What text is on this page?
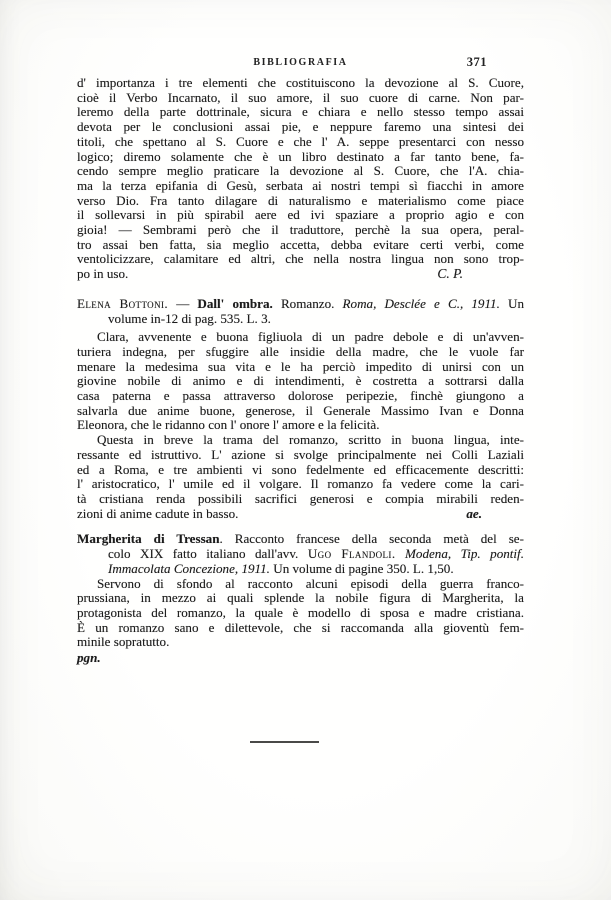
BIBLIOGRAFIA	371
d' importanza i tre elementi che costituiscono la devozione al S. Cuore,
cioè il Verbo Incarnato, il suo amore, il suo cuore di carne. Non par-
leremo della parte dottrinale, sicura e chiara e nello stesso tempo assai
devota per le conclusioni assai pie, e neppure faremo una sintesi dei
titoli, che spettano al S. Cuore e che l' A. seppe presentarci con nesso
logico; diremo solamente che è un libro destinato a far tanto bene, fa-
cendo sempre meglio praticare la devozione al S. Cuore, che l'A. chia-
ma la terza epifania di Gesù, serbata ai nostri tempi sì fiacchi in amore
verso Dio. Fra tanto dilagare di naturalismo e materialismo come piace
il sollevarsi in più spirabil aere ed ivi spaziare a proprio agio e con
gioia! — Sembrami però che il traduttore, perchè la sua opera, peral-
tro assai ben fatta, sia meglio accetta, debba evitare certi verbi, come
ventolicizzare, calamitare ed altri, che nella nostra lingua non sono trop-
C. P.
po in uso.
Elena Bottoni. — Dall' ombra. Romanzo. Roma, Desclée e C., 1911. Un
volume in-12 di pag. 535. L. 3.
Clara, avvenente e buona figliuola di un padre debole e di un'avven-
turiera indegna, per sfuggire alle insidie della madre, che le vuole far
menare la medesima sua vita e le ha perciò impedito di unirsi con un
giovine nobile di animo e di intendimenti, è costretta a sottrarsi dalla
casa paterna e passa attraverso dolorose peripezie, finchè giungono a
salvarla due anime buone, generose, il Generale Massimo Ivan e Donna
Eleonora, che le ridanno con l' onore l' amore e la felicità.
Questa in breve la trama del romanzo, scritto in buona lingua, inte-
ressante ed istruttivo. L' azione si svolge principalmente nei Colli Laziali
ed a Roma, e tre ambienti vi sono fedelmente ed efficacemente descritti:
l' aristocratico, l' umile ed il volgare. Il romanzo fa vedere come la cari-
tà cristiana renda possibili sacrifici generosi e compia mirabili reden-
ae.
zioni di anime cadute in basso.
Margherita di Tressan. Racconto francese della seconda metà del se-
colo XIX fatto italiano dall'avv. Ugo Flandoli. Modena, Tip. pontif.
Immacolata Concezione, 1911. Un volume di pagine 350. L. 1,50.
Servono di sfondo al racconto alcuni episodi della guerra franco-
prussiana, in mezzo ai quali splende la nobile figura di Margherita, la
protagonista del romanzo, la quale è modello di sposa e madre cristiana.
È un romanzo sano e dilettevole, che si raccomanda alla gioventù fem-
minile sopratutto.
pgn.
